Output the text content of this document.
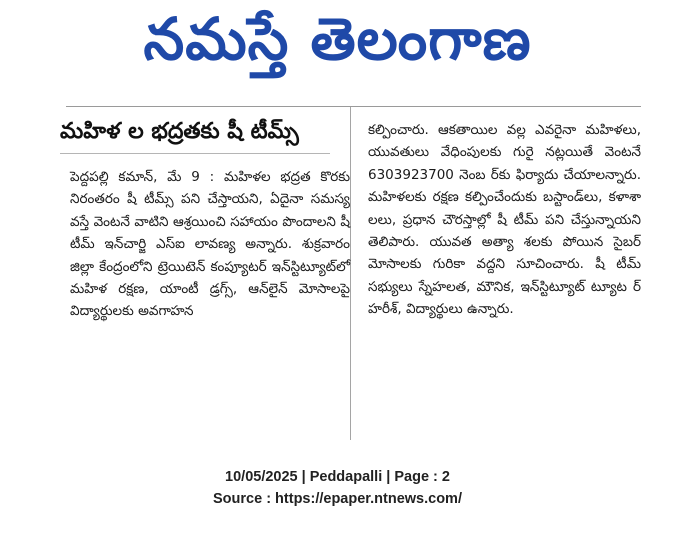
నమస్తే తెలంగాణ
మహిళ ల భద్రతకు షీ టీమ్స్
పెద్దపల్లి కమాన్, మే 9 : మహిళల భద్రత కొరకు నిరంతరం షీ టీమ్స్ పని చేస్తాయని, ఏదైనా సమస్య వస్తే వెంటనే వాటిని ఆశ్రయించి సహాయం పొందాలని షీ టీమ్ ఇన్‌చార్జి ఎస్ఐ లావణ్య అన్నారు. శుక్రవారం జిల్లా కేంద్రంలోని ట్రెయిటెన్ కంప్యూటర్ ఇన్‌స్టిట్యూట్‌లో మహిళ రక్షణ, యాంటీ డ్రగ్స్, ఆన్‌లైన్ మోసాలపై విద్యార్థులకు అవగాహన
కల్పించారు. ఆకతాయిల వల్ల ఎవరైనా మహిళలు, యువతులు వేధింపులకు గురై నట్లయితే వెంటనే 6303923700 నెంబ ర్‌కు ఫిర్యాదు చేయాలన్నారు. మహిళలకు రక్షణ కల్పించేందుకు బస్టాండ్‌లు, కళాశా లలు, ప్రధాన చౌరస్తాల్లో షీ టీమ్ పని చేస్తున్నాయని తెలిపారు. యువత అత్యా శలకు పోయిన సైబర్ మోసాలకు గురికా వద్దని సూచించారు. షీ టీమ్ సభ్యులు స్నేహలత, మౌనిక, ఇన్‌స్టిట్యూట్ ట్యూట ర్ హరీశ్, విద్యార్థులు ఉన్నారు.
10/05/2025 | Peddapalli | Page : 2
Source : https://epaper.ntnews.com/
